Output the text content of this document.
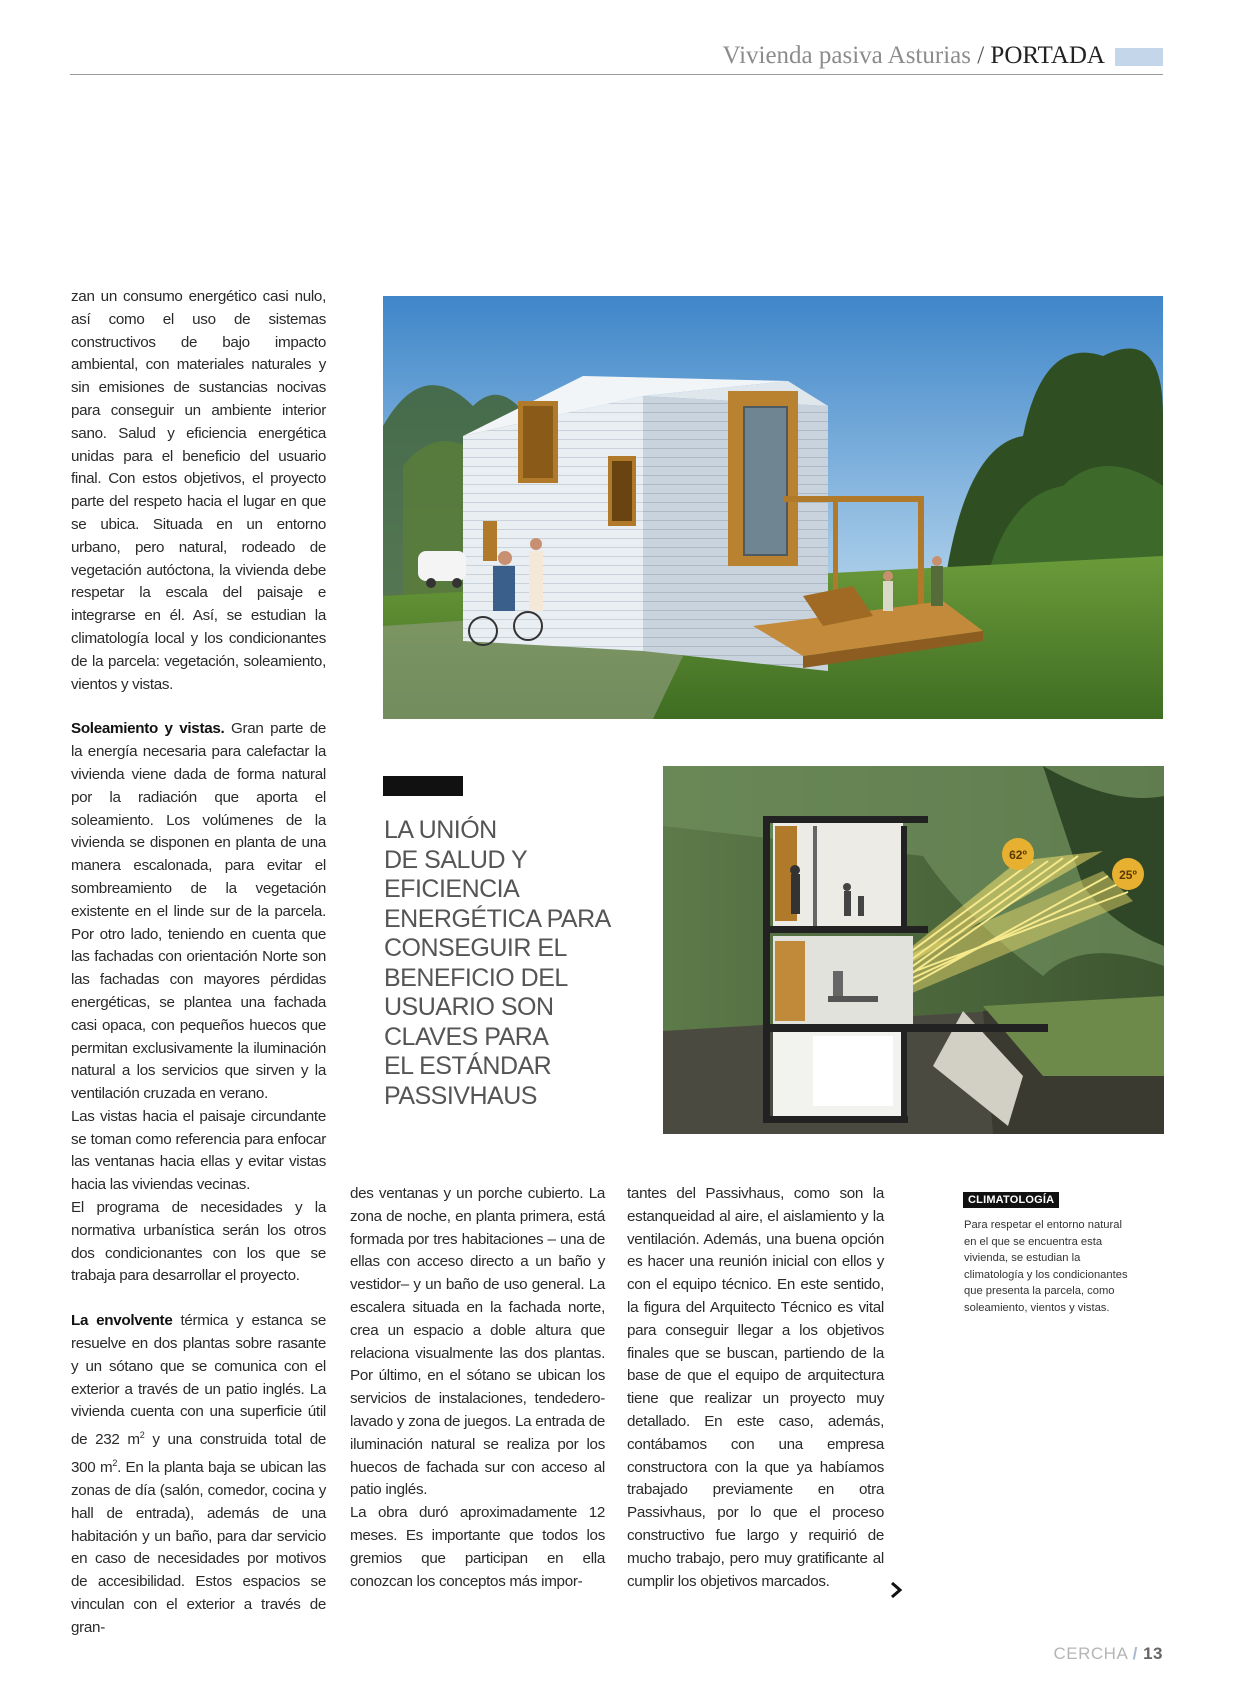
Vivienda pasiva Asturias / PORTADA

zan un consumo energético casi nulo, así como el uso de sistemas constructivos de bajo impacto ambiental, con materiales naturales y sin emisiones de sustancias nocivas para conseguir un ambiente interior sano. Salud y eficiencia energética unidas para el beneficio del usuario final. Con estos objetivos, el proyecto parte del respeto hacia el lugar en que se ubica. Situada en un entorno urbano, pero natural, rodeado de vegetación autóctona, la vivienda debe respetar la escala del paisaje e integrarse en él. Así, se estudian la climatología local y los condicionantes de la parcela: vegetación, soleamiento, vientos y vistas.

Soleamiento y vistas. Gran parte de la energía necesaria para calefactar la vivienda viene dada de forma natural por la radiación que aporta el soleamiento. Los volúmenes de la vivienda se disponen en planta de una manera escalonada, para evitar el sombreamiento de la vegetación existente en el linde sur de la parcela. Por otro lado, teniendo en cuenta que las fachadas con orientación Norte son las fachadas con mayores pérdidas energéticas, se plantea una fachada casi opaca, con pequeños huecos que permitan exclusivamente la iluminación natural a los servicios que sirven y la ventilación cruzada en verano.

Las vistas hacia el paisaje circundante se toman como referencia para enfocar las ventanas hacia ellas y evitar vistas hacia las viviendas vecinas.

El programa de necesidades y la normativa urbanística serán los otros dos condicionantes con los que se trabaja para desarrollar el proyecto.

La envolvente térmica y estanca se resuelve en dos plantas sobre rasante y un sótano que se comunica con el exterior a través de un patio inglés. La vivienda cuenta con una superficie útil de 232 $m^2$ y una construida total de 300 $m^2$. En la planta baja se ubican las zonas de día (salón, comedor, cocina y hall de entrada), además de una habitación y un baño, para dar servicio en caso de necesidades por motivos de accesibilidad. Estos espacios se vinculan con el exterior a través de gran-

LA UNIÓN
DE SALUD Y
EFICIENCIA
ENERGÉTICA PARA
CONSEGUIR EL
BENEFICIO DEL
USUARIO SON
CLAVES PARA
EL ESTÁNDAR
PASSIVHAUS
62º
25º

des ventanas y un porche cubierto. La zona de noche, en planta primera, está formada por tres habitaciones – una de ellas con acceso directo a un baño y vestidor– y un baño de uso general. La escalera situada en la fachada norte, crea un espacio a doble altura que relaciona visualmente las dos plantas. Por último, en el sótano se ubican los servicios de instalaciones, tendedero-lavado y zona de juegos. La entrada de iluminación natural se realiza por los huecos de fachada sur con acceso al patio inglés.

La obra duró aproximadamente 12 meses. Es importante que todos los gremios que participan en ella conozcan los conceptos más impor-

tantes del Passivhaus, como son la estanqueidad al aire, el aislamiento y la ventilación. Además, una buena opción es hacer una reunión inicial con ellos y con el equipo técnico. En este sentido, la figura del Arquitecto Técnico es vital para conseguir llegar a los objetivos finales que se buscan, partiendo de la base de que el equipo de arquitectura tiene que realizar un proyecto muy detallado. En este caso, además, contábamos con una empresa constructora con la que ya habíamos trabajado previamente en otra Passivhaus, por lo que el proceso constructivo fue largo y requirió de mucho trabajo, pero muy gratificante al cumplir los objetivos marcados.

CLIMATOLOGÍA
Para respetar el entorno natural en el que se encuentra esta vivienda, se estudian la climatología y los condicionantes que presenta la parcela, como soleamiento, vientos y vistas.
CERCHA / 13
